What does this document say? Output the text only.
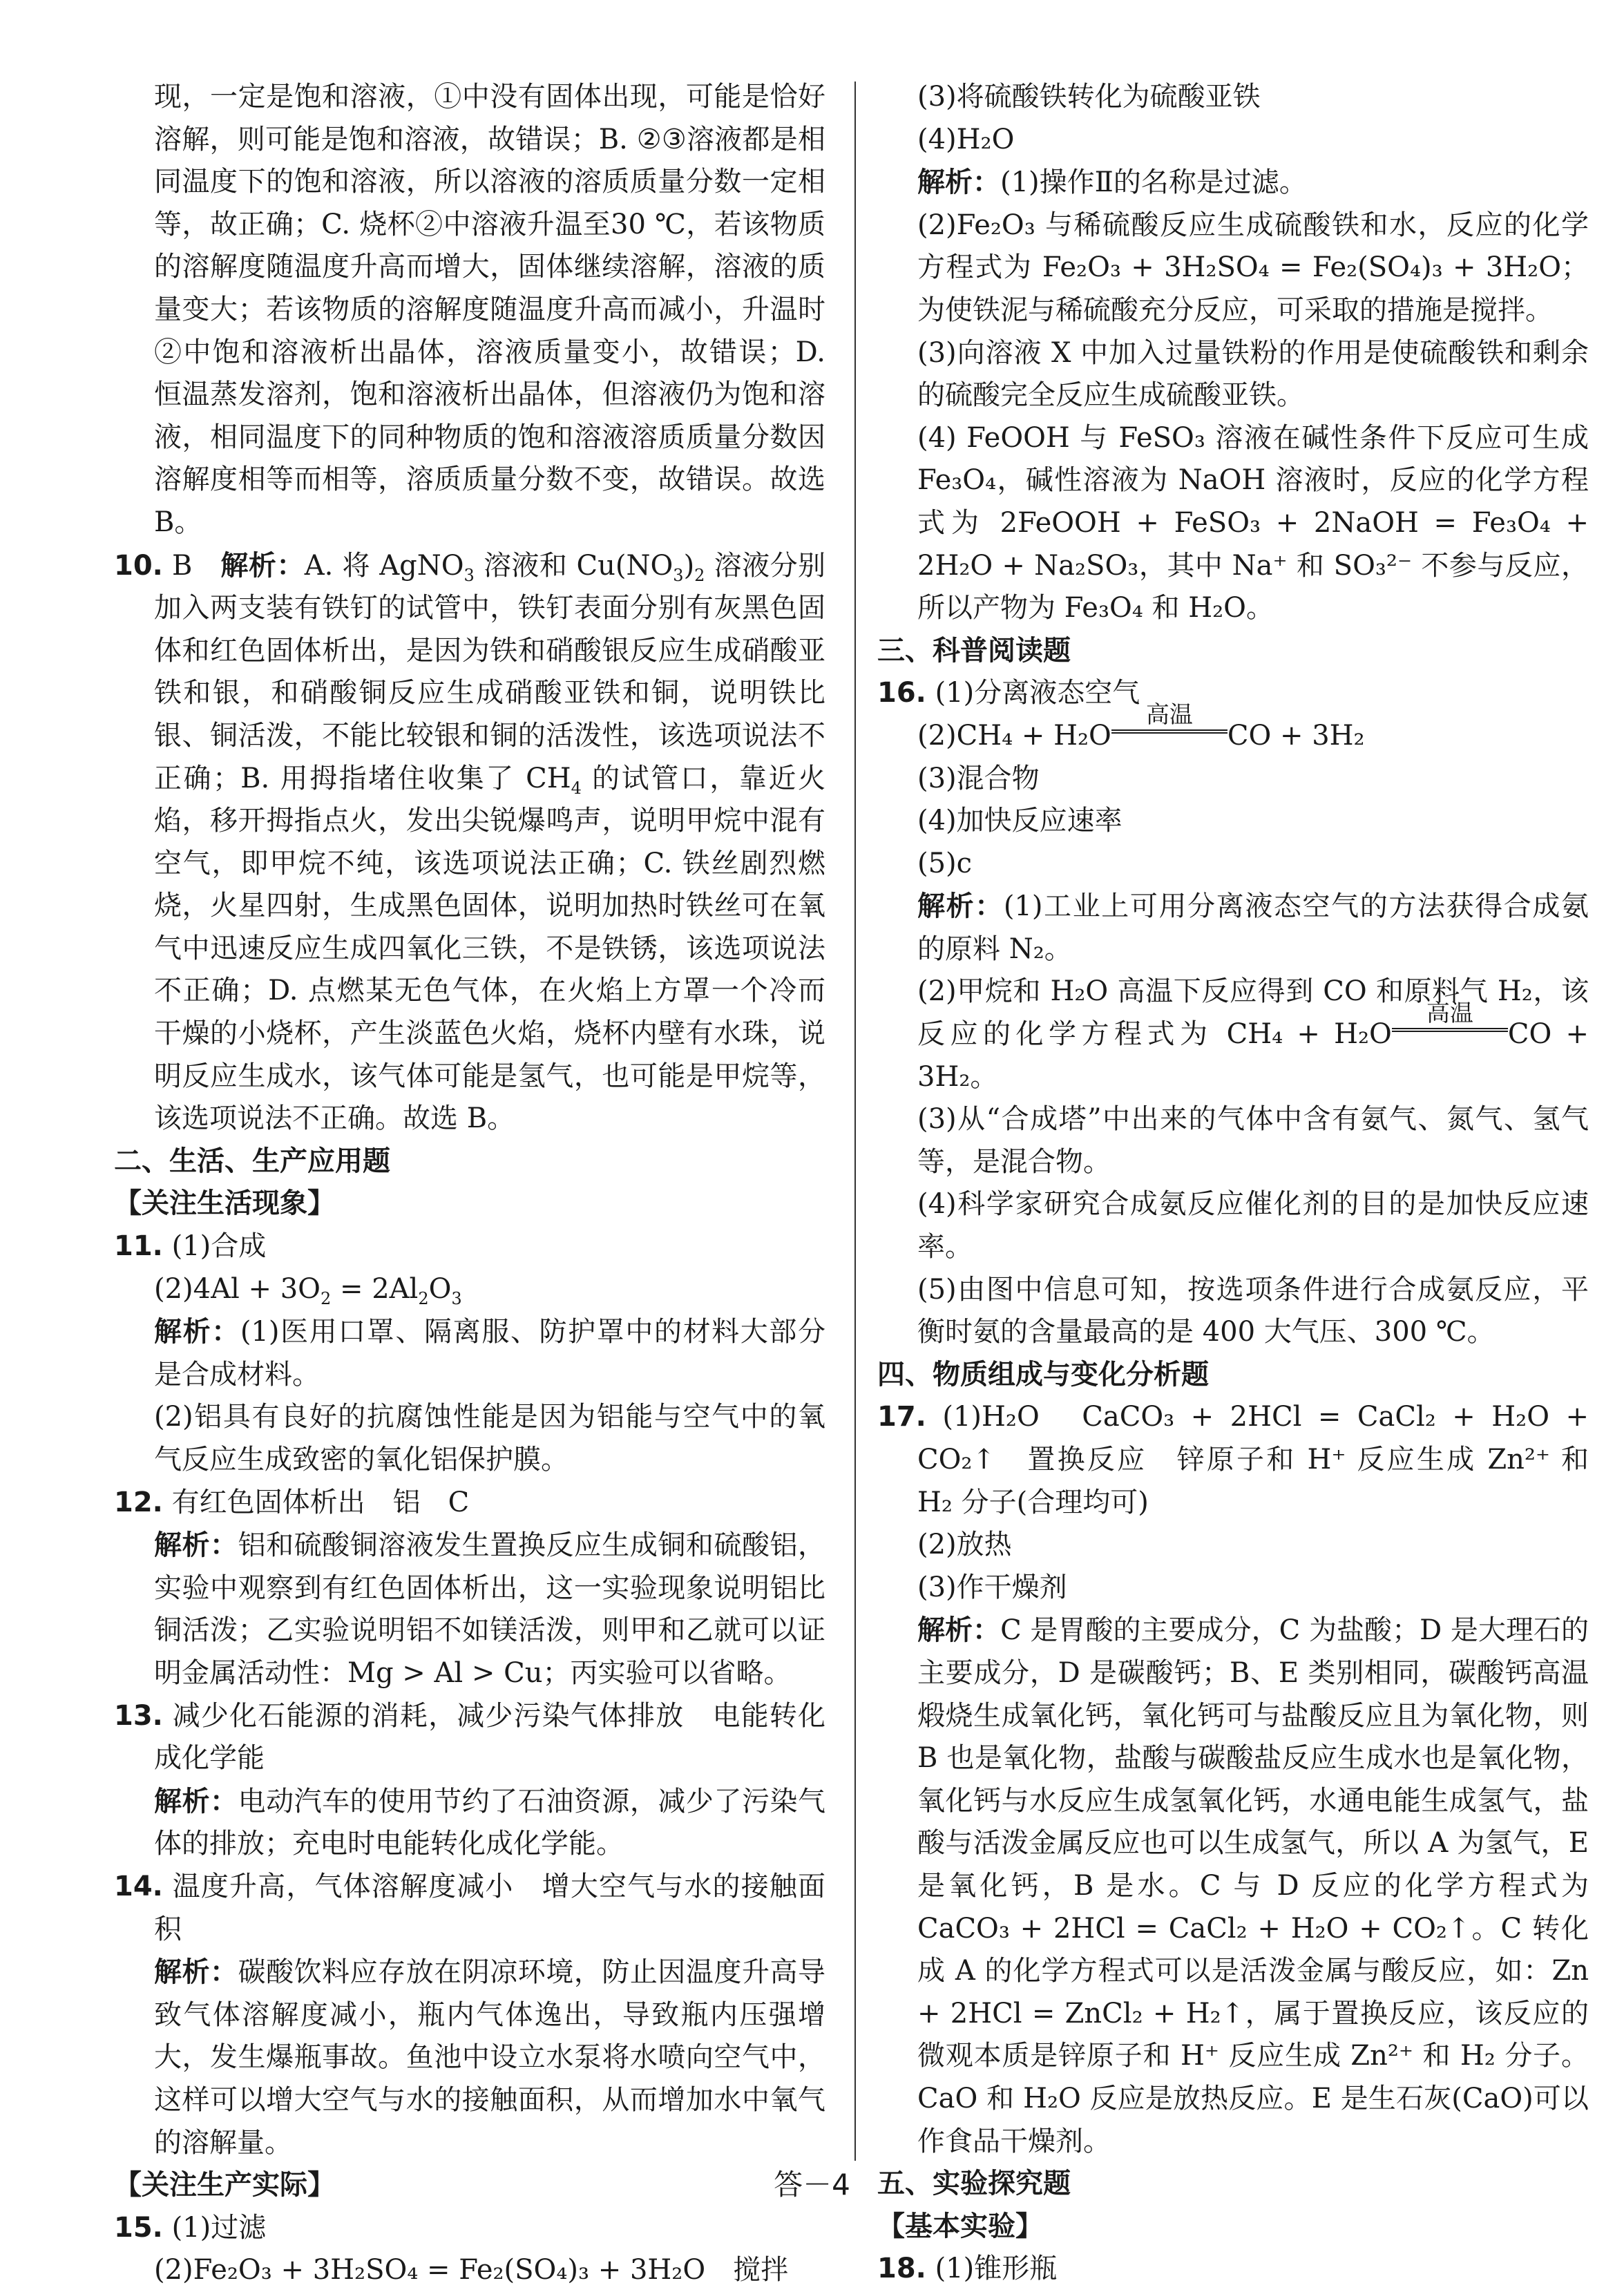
现，一定是饱和溶液，①中没有固体出现，可能是恰好溶解，则可能是饱和溶液，故错误；B. ②③溶液都是相同温度下的饱和溶液，所以溶液的溶质质量分数一定相等，故正确；C. 烧杯②中溶液升温至30 ℃，若该物质的溶解度随温度升高而增大，固体继续溶解，溶液的质量变大；若该物质的溶解度随温度升高而减小，升温时②中饱和溶液析出晶体，溶液质量变小，故错误；D. 恒温蒸发溶剂，饱和溶液析出晶体，但溶液仍为饱和溶液，相同温度下的同种物质的饱和溶液溶质质量分数因溶解度相等而相等，溶质质量分数不变，故错误。故选 B。

10. B　 解析：A. 将 AgNO$_3$ 溶液和 $Cu(NO_3)_2$ 溶液分别加入两支装有铁钉的试管中，铁钉表面分别有灰黑色固体和红色固体析出，是因为铁和硝酸银反应生成硝酸亚铁和银，和硝酸铜反应生成硝酸亚铁和铜，说明铁比银、铜活泼，不能比较银和铜的活泼性，该选项说法不正确；B. 用拇指堵住收集了 $CH_4$ 的试管口，靠近火焰，移开拇指点火，发出尖锐爆鸣声，说明甲烷中混有空气，即甲烷不纯，该选项说法正确；C. 铁丝剧烈燃烧，火星四射，生成黑色固体，说明加热时铁丝可在氧气中迅速反应生成四氧化三铁，不是铁锈，该选项说法不正确；D. 点燃某无色气体，在火焰上方罩一个冷而干燥的小烧杯，产生淡蓝色火焰，烧杯内壁有水珠，说明反应生成水，该气体可能是氢气，也可能是甲烷等，该选项说法不正确。故选 B。

二、生活、生产应用题

【关注生活现象】

11. (1)合成

$(2)4Al + 3O_2 = 2Al_2O_3$

解析：(1)医用口罩、隔离服、防护罩中的材料大部分是合成材料。

(2)铝具有良好的抗腐蚀性能是因为铝能与空气中的氧气反应生成致密的氧化铝保护膜。

12. 有红色固体析出　铝　C

解析：铝和硫酸铜溶液发生置换反应生成铜和硫酸铝，实验中观察到有红色固体析出，这一实验现象说明铝比铜活泼；乙实验说明铝不如镁活泼，则甲和乙就可以证明金属活动性：Mg > Al > Cu；丙实验可以省略。

13. 减少化石能源的消耗，减少污染气体排放　电能转化成化学能

解析：电动汽车的使用节约了石油资源，减少了污染气体的排放；充电时电能转化成化学能。

14. 温度升高，气体溶解度减小　增大空气与水的接触面积

解析：碳酸饮料应存放在阴凉环境，防止因温度升高导致气体溶解度减小，瓶内气体逸出，导致瓶内压强增大，发生爆瓶事故。鱼池中设立水泵将水喷向空气中，这样可以增大空气与水的接触面积，从而增加水中氧气的溶解量。

【关注生产实际】

15. (1)过滤

(2)Fe₂O₃ + 3H₂SO₄ = Fe₂(SO₄)₃ + 3H₂O　搅拌

(3)将硫酸铁转化为硫酸亚铁

(4)H₂O

解析：(1)操作Ⅱ的名称是过滤。

(2)Fe₂O₃ 与稀硫酸反应生成硫酸铁和水，反应的化学方程式为 Fe₂O₃ + 3H₂SO₄ = Fe₂(SO₄)₃ + 3H₂O；为使铁泥与稀硫酸充分反应，可采取的措施是搅拌。

(3)向溶液 X 中加入过量铁粉的作用是使硫酸铁和剩余的硫酸完全反应生成硫酸亚铁。

(4) FeOOH 与 FeSO₃ 溶液在碱性条件下反应可生成 Fe₃O₄，碱性溶液为 NaOH 溶液时，反应的化学方程式为 2FeOOH + FeSO₃ + 2NaOH = Fe₃O₄ + 2H₂O + Na₂SO₃，其中 Na⁺ 和 SO₃²⁻ 不参与反应，所以产物为 Fe₃O₄ 和 H₂O。

三、科普阅读题

16. (1)分离液态空气

(2)CH₄ + H₂O
高温
CO + 3H₂

(3)混合物

(4)加快反应速率

(5)c

解析：(1)工业上可用分离液态空气的方法获得合成氨的原料 N₂。

(2)甲烷和 H₂O 高温下反应得到 CO 和原料气 H₂，该反应的化学方程式为 CH₄ + H₂O
高温
CO + 3H₂。

(3)从“合成塔”中出来的气体中含有氨气、氮气、氢气等，是混合物。

(4)科学家研究合成氨反应催化剂的目的是加快反应速率。

(5)由图中信息可知，按选项条件进行合成氨反应，平衡时氨的含量最高的是 400 大气压、300 ℃。

四、物质组成与变化分析题

17. (1)H₂O　CaCO₃ + 2HCl = CaCl₂ + H₂O + CO₂↑　置换反应　锌原子和 H⁺ 反应生成 Zn²⁺ 和 H₂ 分子(合理均可)

(2)放热

(3)作干燥剂

解析：C 是胃酸的主要成分，C 为盐酸；D 是大理石的主要成分，D 是碳酸钙；B、E 类别相同，碳酸钙高温煅烧生成氧化钙，氧化钙可与盐酸反应且为氧化物，则 B 也是氧化物，盐酸与碳酸盐反应生成水也是氧化物，氧化钙与水反应生成氢氧化钙，水通电能生成氢气，盐酸与活泼金属反应也可以生成氢气，所以 A 为氢气，E 是氧化钙，B 是水。C 与 D 反应的化学方程式为 CaCO₃ + 2HCl = CaCl₂ + H₂O + CO₂↑。C 转化成 A 的化学方程式可以是活泼金属与酸反应，如：Zn + 2HCl = ZnCl₂ + H₂↑，属于置换反应，该反应的微观本质是锌原子和 H⁺ 反应生成 Zn²⁺ 和 H₂ 分子。CaO 和 H₂O 反应是放热反应。E 是生石灰(CaO)可以作食品干燥剂。

五、实验探究题

【基本实验】

18. (1)锥形瓶

答－4
